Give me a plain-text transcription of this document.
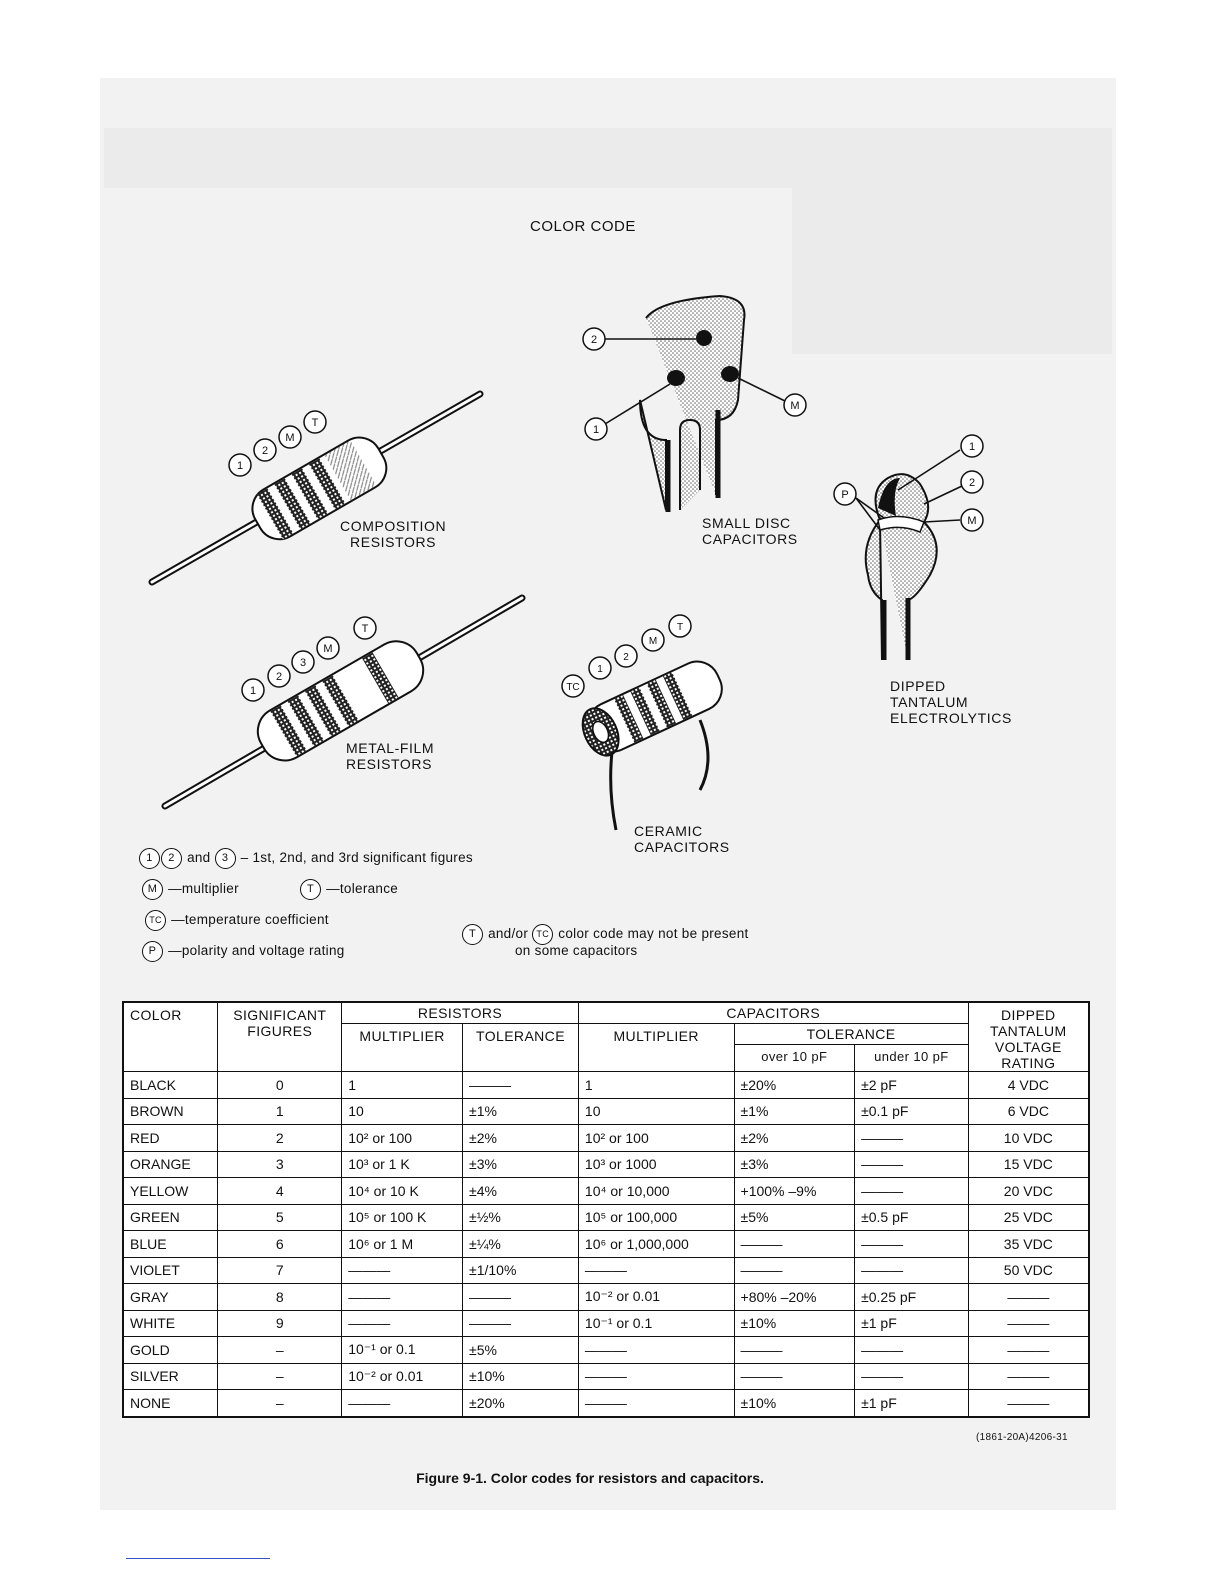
COLOR CODE
1
2
M
T
2
1
M
1
2
M
P
1
2
3
M
T
TC
1
2
M
T
COMPOSITION
RESISTORS
SMALL DISC
CAPACITORS
DIPPED
TANTALUM
ELECTROLYTICS
METAL-FILM
RESISTORS
CERAMIC
CAPACITORS
1 2 and 3 – 1st, 2nd, and 3rd significant figures
M —multiplier	T —tolerance
TC —temperature coefficient
P —polarity and voltage rating
T and/or TC color code may not be present
on some capacitors
COLOR	SIGNIFICANT FIGURES	RESISTORS		CAPACITORS			DIPPED TANTALUM VOLTAGE RATING
		MULTIPLIER	TOLERANCE	MULTIPLIER	TOLERANCE		
					over 10 pF	under 10 pF	
BLACK	0	1	———	1	±20%	±2 pF	4 VDC
BROWN	1	10	±1%	10	±1%	±0.1 pF	6 VDC
RED	2	10² or 100	±2%	10² or 100	±2%	———	10 VDC
ORANGE	3	10³ or 1 K	±3%	10³ or 1000	±3%	———	15 VDC
YELLOW	4	10⁴ or 10 K	±4%	10⁴ or 10,000	+100% –9%	———	20 VDC
GREEN	5	10⁵ or 100 K	±½%	10⁵ or 100,000	±5%	±0.5 pF	25 VDC
BLUE	6	10⁶ or 1 M	±¼%	10⁶ or 1,000,000	———	———	35 VDC
VIOLET	7	———	±1/10%	———	———	———	50 VDC
GRAY	8	———	———	10⁻² or 0.01	+80% –20%	±0.25 pF	———
WHITE	9	———	———	10⁻¹ or 0.1	±10%	±1 pF	———
GOLD	–	10⁻¹ or 0.1	±5%	———	———	———	———
SILVER	–	10⁻² or 0.01	±10%	———	———	———	———
NONE	–	———	±20%	———	±10%	±1 pF	———
(1861-20A)4206-31
Figure 9-1. Color codes for resistors and capacitors.
